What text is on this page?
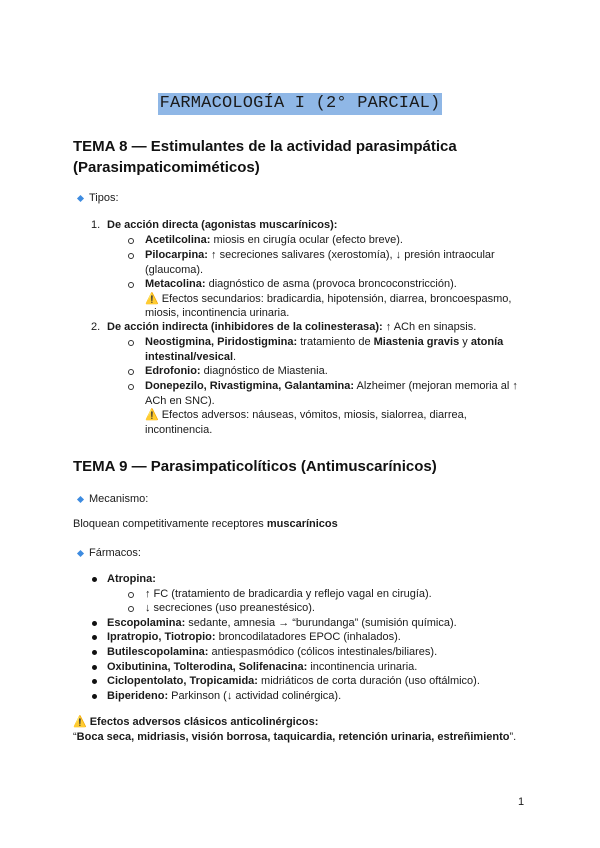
FARMACOLOGÍA I (2° PARCIAL)
TEMA 8 — Estimulantes de la actividad parasimpática
(Parasimpaticomiméticos)
Tipos:
1. De acción directa (agonistas muscarínicos):
Acetilcolina: miosis en cirugía ocular (efecto breve).
Pilocarpina: ↑ secreciones salivares (xerostomía), ↓ presión intraocular
(glaucoma).
Metacolina: diagnóstico de asma (provoca broncoconstricción).
⚠️ Efectos secundarios: bradicardia, hipotensión, diarrea, broncoespasmo,
miosis, incontinencia urinaria.
2. De acción indirecta (inhibidores de la colinesterasa): ↑ ACh en sinapsis.
Neostigmina, Piridostigmina: tratamiento de Miastenia gravis y atonía
intestinal/vesical.
Edrofonio: diagnóstico de Miastenia.
Donepezilo, Rivastigmina, Galantamina: Alzheimer (mejoran memoria al ↑
ACh en SNC).
⚠️ Efectos adversos: náuseas, vómitos, miosis, sialorrea, diarrea,
incontinencia.
TEMA 9 — Parasimpaticolíticos (Antimuscarínicos)
Mecanismo:
Bloquean competitivamente receptores muscarínicos
Fármacos:
Atropina:
↑ FC (tratamiento de bradicardia y reflejo vagal en cirugía).
↓ secreciones (uso preanestésico).
Escopolamina: sedante, amnesia → “burundanga” (sumisión química).
Ipratropio, Tiotropio: broncodilatadores EPOC (inhalados).
Butilescopolamina: antiespasmódico (cólicos intestinales/biliares).
Oxibutinina, Tolterodina, Solifenacina: incontinencia urinaria.
Ciclopentolato, Tropicamida: midriáticos de corta duración (uso oftálmico).
Biperideno: Parkinson (↓ actividad colinérgica).
⚠️ Efectos adversos clásicos anticolinérgicos:
“Boca seca, midriasis, visión borrosa, taquicardia, retención urinaria, estreñimiento”.
1
